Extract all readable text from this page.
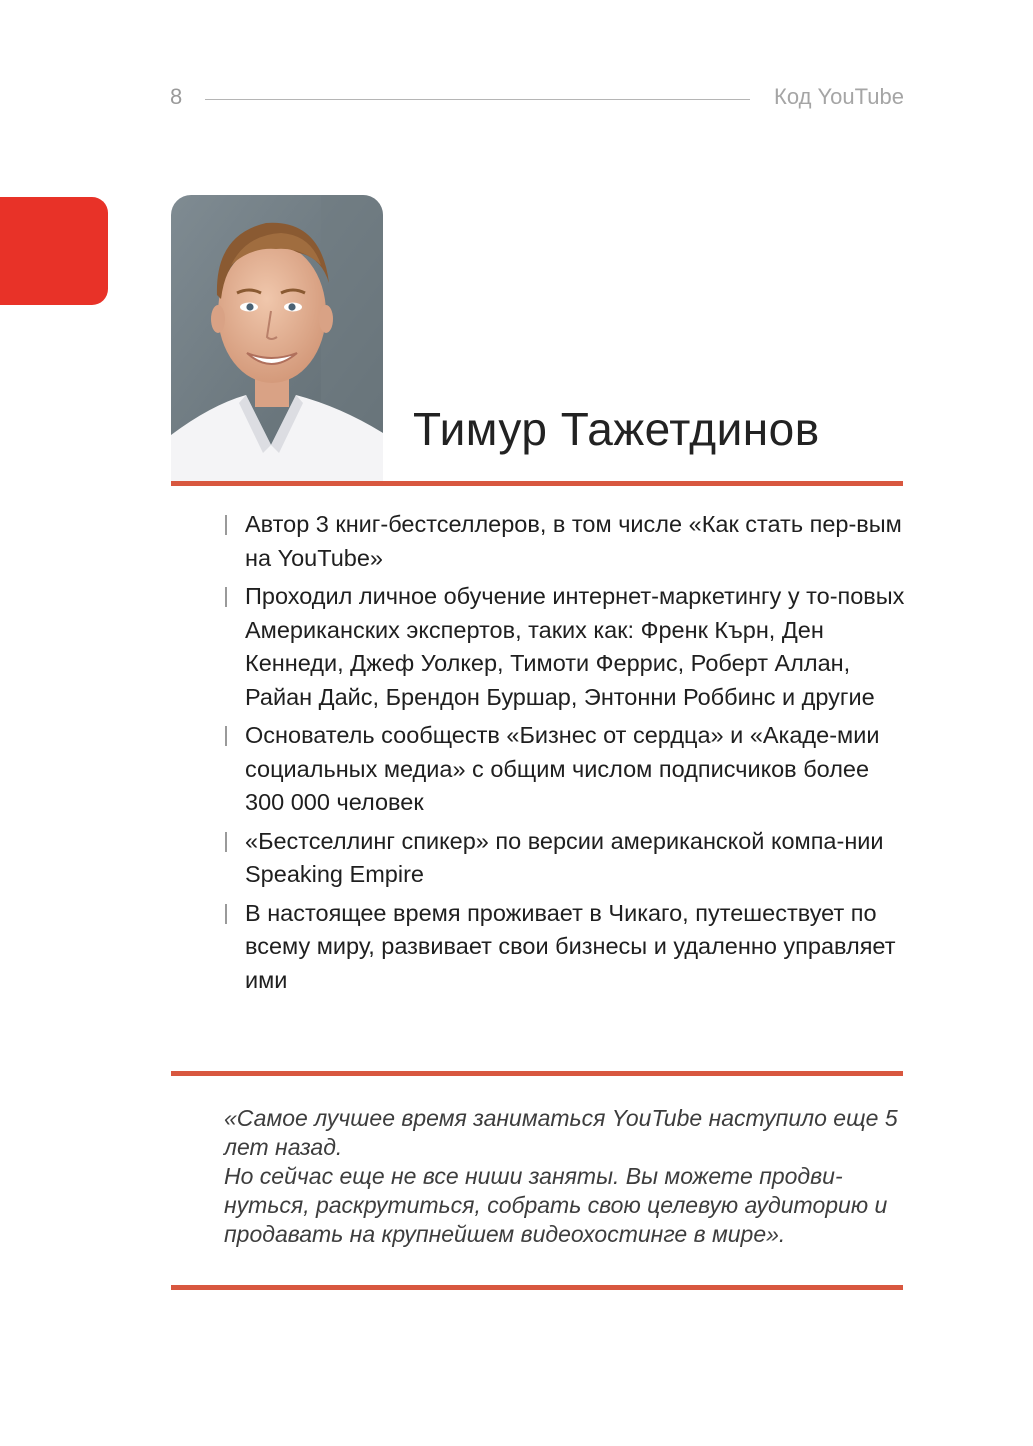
8	Код YouTube
Тимур Тажетдинов
Автор 3 книг-бестселлеров, в том числе «Как стать пер-вым на YouTube»
Проходил личное обучение интернет-маркетингу у то-повых Американских экспертов, таких как: Френк Кърн, Ден Кеннеди, Джеф Уолкер, Тимоти Феррис, Роберт Аллан, Райан Дайс, Брендон Буршар, Энтонни Роббинс и другие
Основатель сообществ «Бизнес от сердца» и «Акаде-мии социальных медиа» с общим числом подписчиков более 300 000 человек
«Бестселлинг спикер» по версии американской компа-нии Speaking Empire
В настоящее время проживает в Чикаго, путешествует по всему миру, развивает свои бизнесы и удаленно управляет ими

«Самое лучшее время заниматься YouTube наступило еще 5 лет назад.

Но сейчас еще не все ниши заняты. Вы можете продви-нуться, раскрутиться, собрать свою целевую аудиторию и продавать на крупнейшем видеохостинге в мире».
